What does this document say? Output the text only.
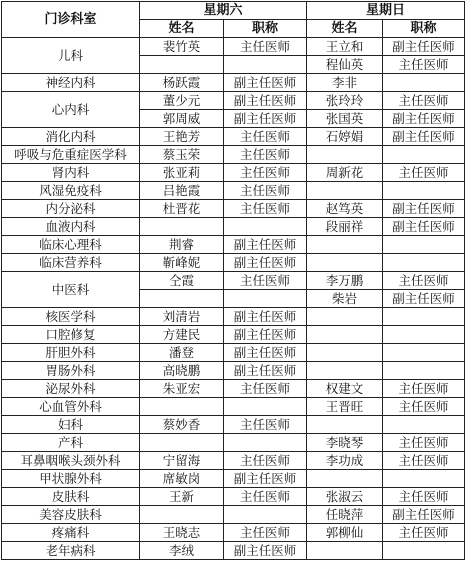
门诊科室	星期六		星期日	
	姓名	职称	姓名	职称
儿科	裴竹英	主任医师	王立和	副主任医师
			程仙英	主任医师
神经内科	杨跃霞	副主任医师	李非	
心内科	董少元	副主任医师	张玲玲	主任医师
	郭周威	副主任医师	张国英	副主任医师
消化内科	王艳芳	主任医师	石婷娟	副主任医师
呼吸与危重症医学科	蔡玉荣	主任医师		
肾内科	张亚莉	主任医师	周新花	主任医师
风湿免疫科	吕艳霞	主任医师		
内分泌科	杜晋花	主任医师	赵笃英	副主任医师
血液内科			段丽祥	副主任医师
临床心理科	荆睿	副主任医师		
临床营养科	靳峰妮	副主任医师		
中医科	仝霞	主任医师	李万鹏	主任医师
			柴岩	副主任医师
核医学科	刘清岩	副主任医师		
口腔修复	方建民	副主任医师		
肝胆外科	潘登	副主任医师		
胃肠外科	高晓鹏	副主任医师		
泌尿外科	朱亚宏	主任医师	权建文	主任医师
心血管外科			王晋旺	主任医师
妇科	蔡妙香	主任医师		
产科			李晓琴	主任医师
耳鼻咽喉头颈外科	宁留海	主任医师	李功成	主任医师
甲状腺外科	席敏岗	副主任医师		
皮肤科	王新	主任医师	张淑云	主任医师
美容皮肤科			任晓萍	副主任医师
疼痛科	王晓志	主任医师	郭柳仙	主任医师
老年病科	李绒	副主任医师		
